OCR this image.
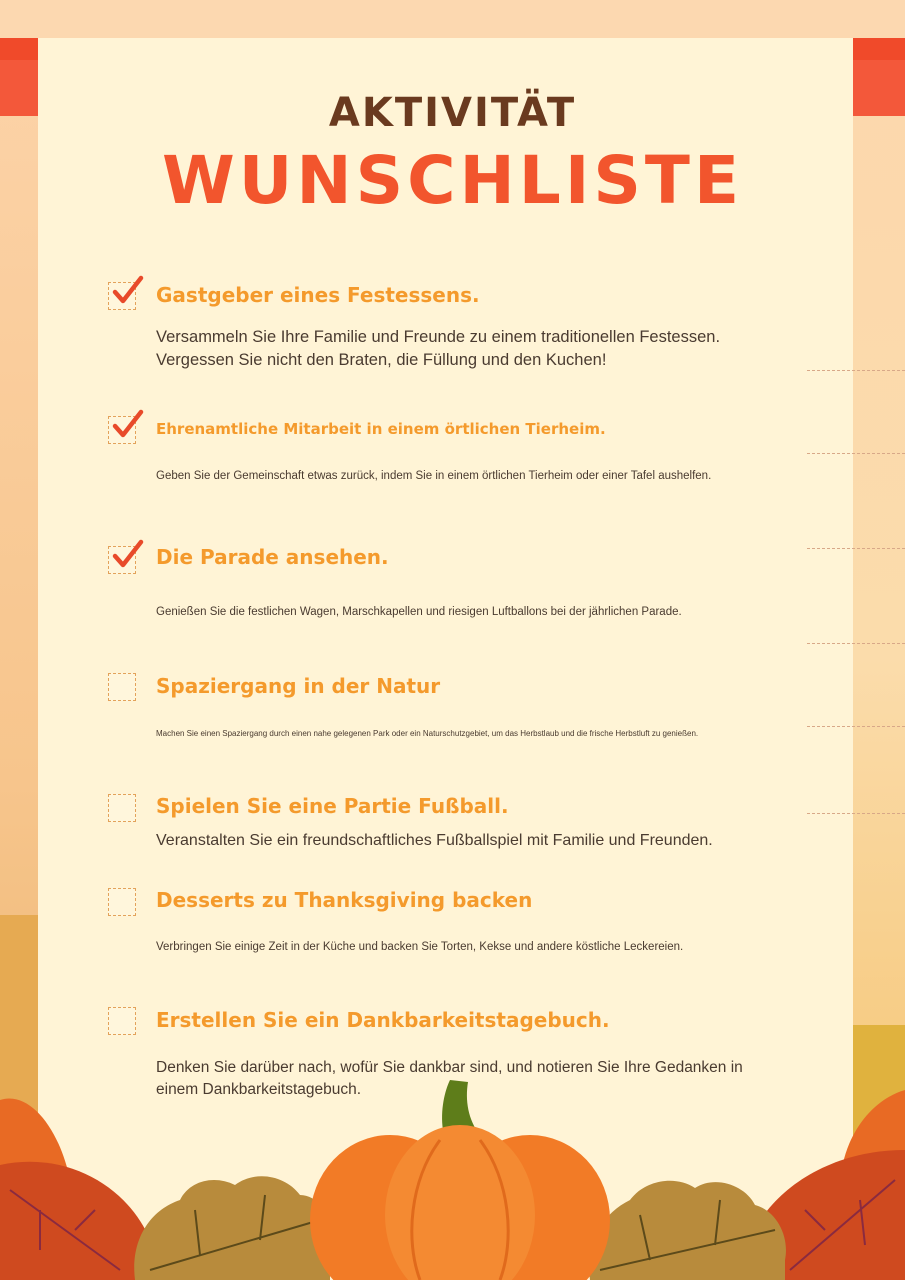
AKTIVITÄT
WUNSCHLISTE
Gastgeber eines Festessens.
Versammeln Sie Ihre Familie und Freunde zu einem traditionellen Festessen. Vergessen Sie nicht den Braten, die Füllung und den Kuchen!
Ehrenamtliche Mitarbeit in einem örtlichen Tierheim.
Geben Sie der Gemeinschaft etwas zurück, indem Sie in einem örtlichen Tierheim oder einer Tafel aushelfen.
Die Parade ansehen.
Genießen Sie die festlichen Wagen, Marschkapellen und riesigen Luftballons bei der jährlichen Parade.
Spaziergang in der Natur
Machen Sie einen Spaziergang durch einen nahe gelegenen Park oder ein Naturschutzgebiet, um das Herbstlaub und die frische Herbstluft zu genießen.
Spielen Sie eine Partie Fußball.
Veranstalten Sie ein freundschaftliches Fußballspiel mit Familie und Freunden.
Desserts zu Thanksgiving backen
Verbringen Sie einige Zeit in der Küche und backen Sie Torten, Kekse und andere köstliche Leckereien.
Erstellen Sie ein Dankbarkeitstagebuch.
Denken Sie darüber nach, wofür Sie dankbar sind, und notieren Sie Ihre Gedanken in einem Dankbarkeitstagebuch.
